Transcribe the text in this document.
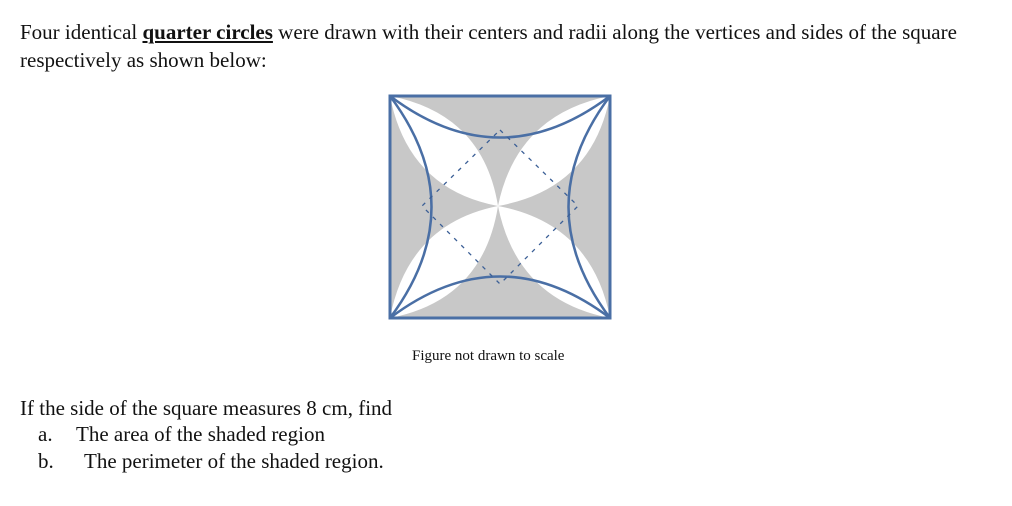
Four identical quarter circles were drawn with their centers and radii along the vertices and sides of the square respectively as shown below:
Figure not drawn to scale
If the side of the square measures 8 cm, find
a. The area of the shaded region
b. The perimeter of the shaded region.
